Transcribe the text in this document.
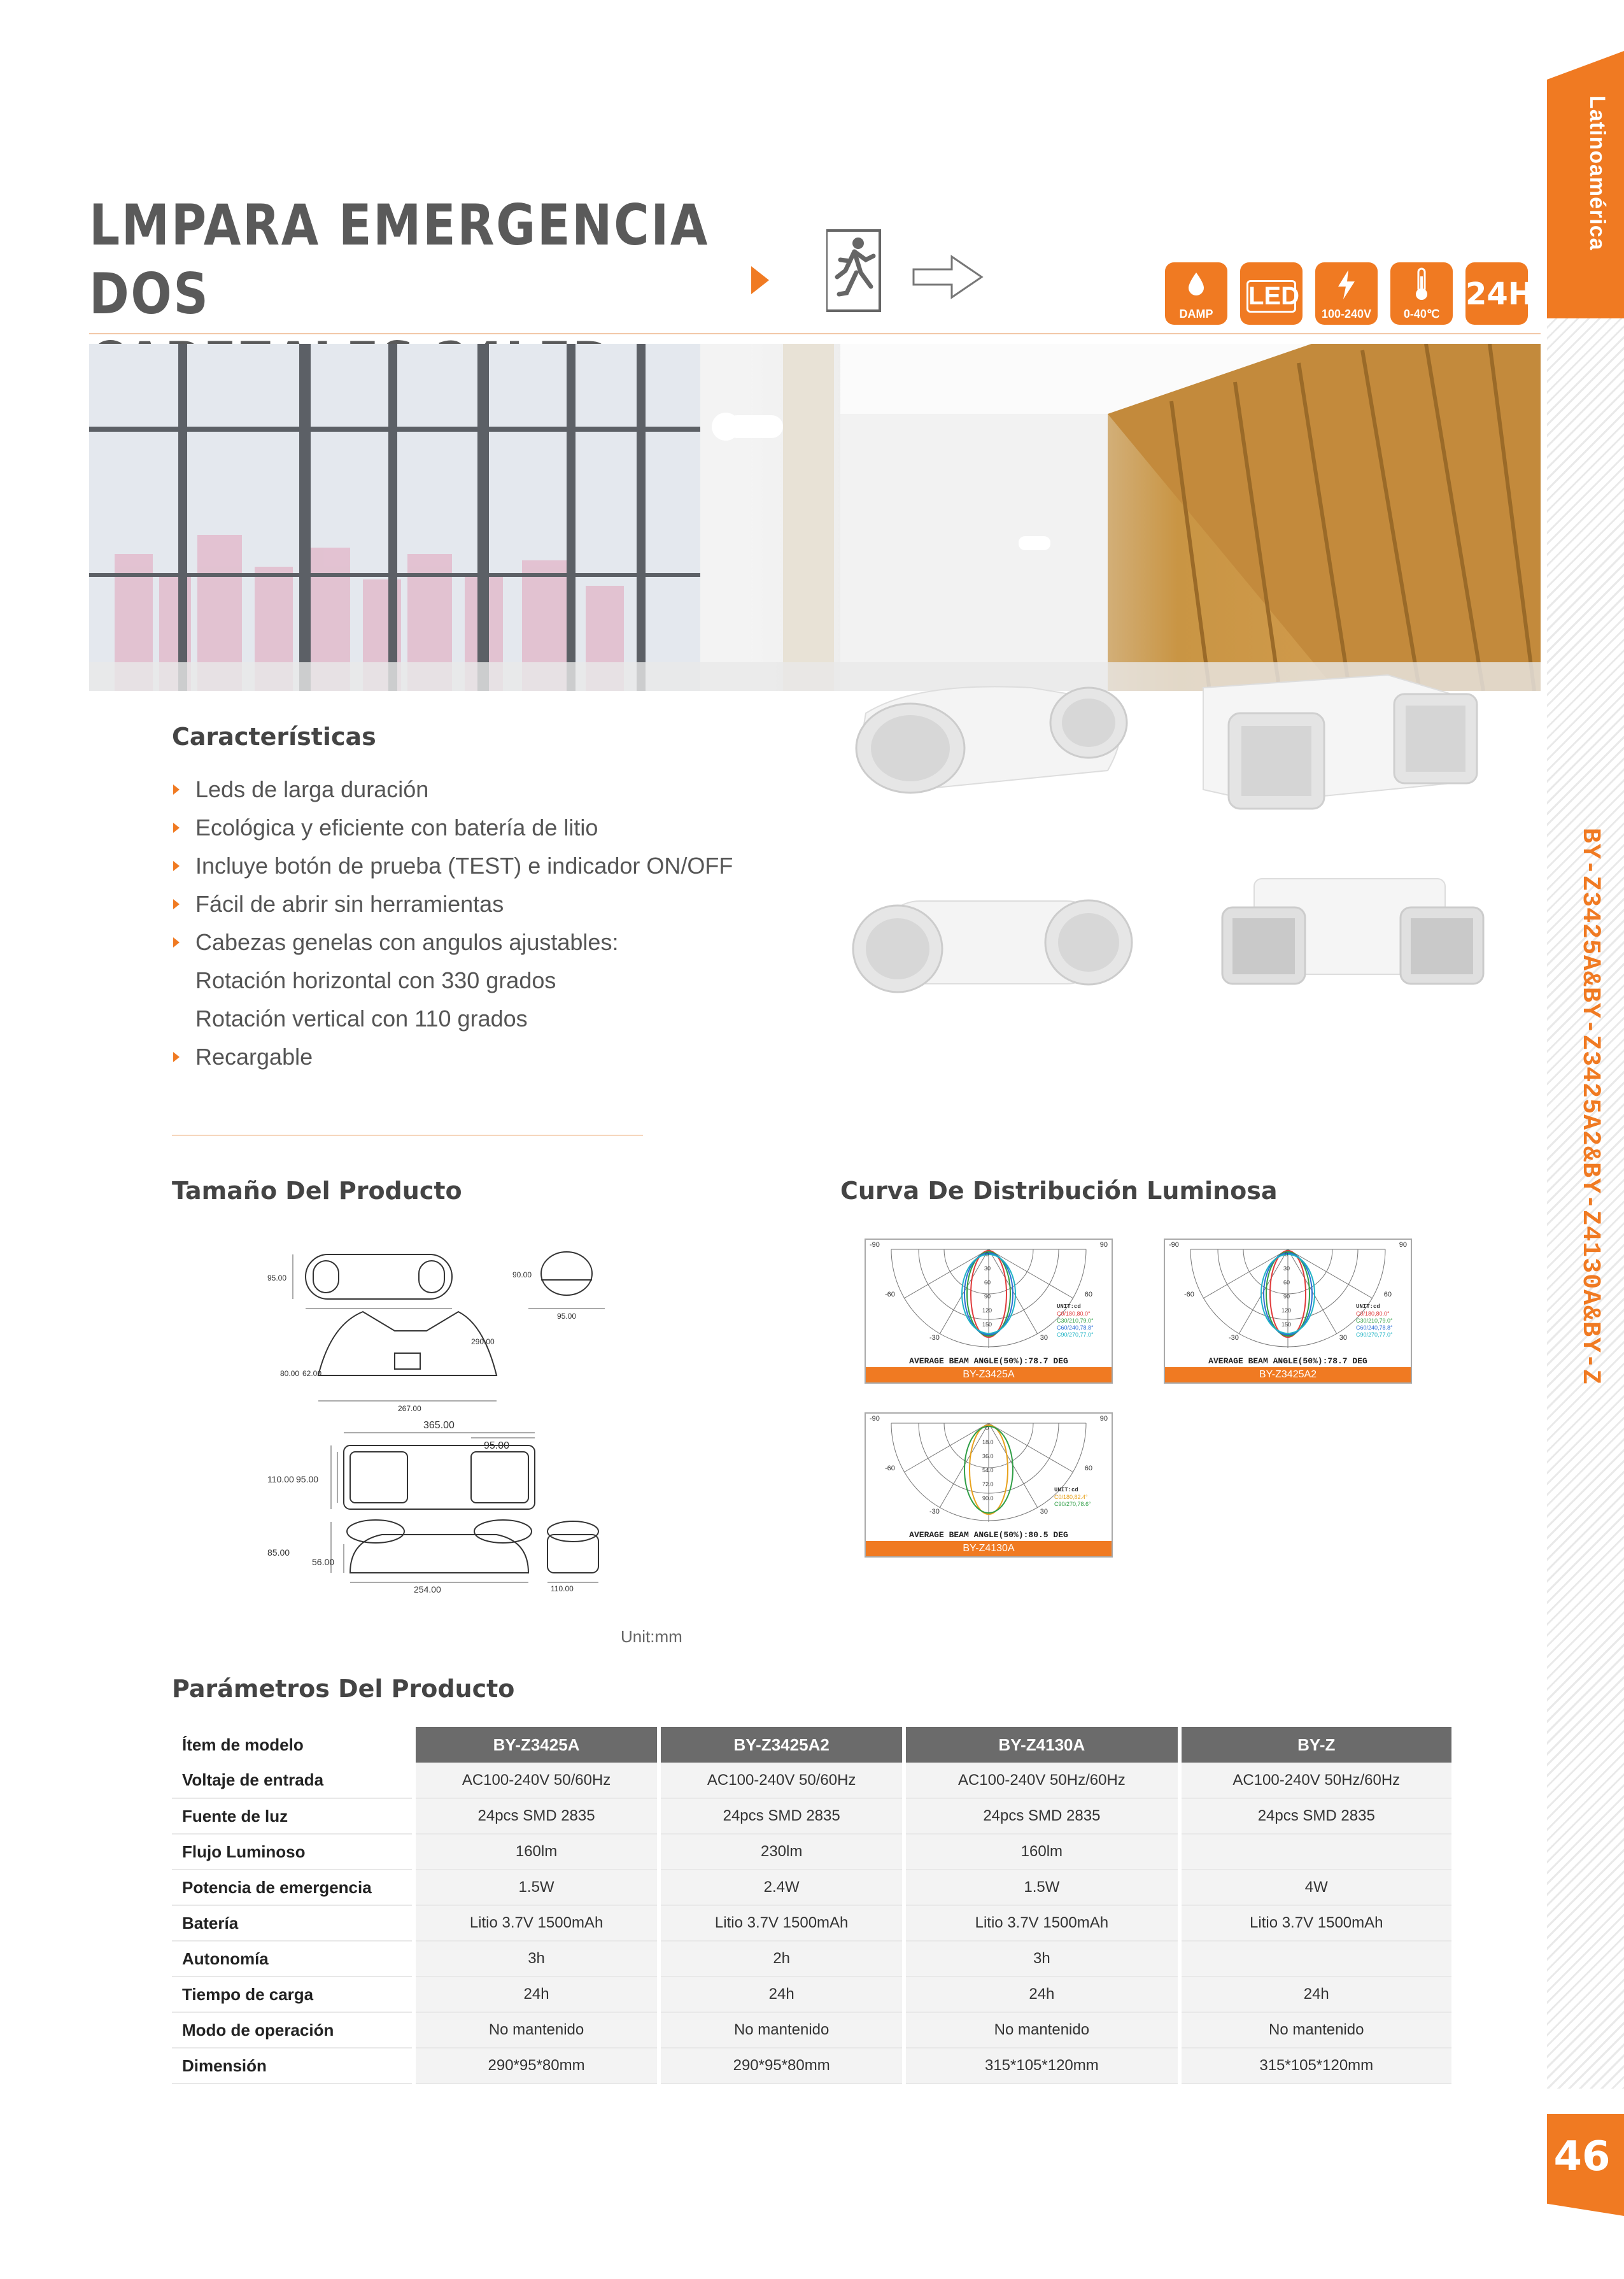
Latinoamérica
BY-Z3425A&BY-Z3425A2&BY-Z4130A&BY-Z
46
LMPARA EMERGENCIA DOS	DAMP
LED
100-240V	0-40℃
24H
Características
Leds de larga duración
Ecológica y eficiente con batería de litio
Incluye botón de prueba (TEST) e indicador ON/OFF
Fácil de abrir sin herramientas
Cabezas genelas con angulos ajustables:
Rotación horizontal con 330 grados
Rotación vertical con 110 grados
Recargable
Tamaño Del Producto
95.00	90.00
95.00
290.00
80.00 62.00
267.00
365.00
95.00
110.00 95.00
85.00
56.00
254.00	110.00
Unit:mm
Curva De Distribución Luminosa
-90	90
-60	60
-30	30
0
30
60
90
120
150
UNIT:cd
C0/180,80.0°
C30/210,79.0°
C60/240,78.8°
C90/270,77.0°
AVERAGE BEAM ANGLE(50%):78.7 DEG
BY-Z3425A
-90	90
-60	60
-30	30
0
30
60
90
120
150
UNIT:cd
C0/180,80.0°
C30/210,79.0°
C60/240,78.8°
C90/270,77.0°
AVERAGE BEAM ANGLE(50%):78.7 DEG
BY-Z3425A2
-90	90
-60	60
-30	30
0
18.0
36.0
54.0
72.0
90.0
UNIT:cd
C0/180,82.4°
C90/270,78.6°
AVERAGE BEAM ANGLE(50%):80.5 DEG
BY-Z4130A
Parámetros Del Producto
Ítem de modelo	BY-Z3425A	BY-Z3425A2	BY-Z4130A	BY-Z
Voltaje de entrada	AC100-240V 50/60Hz	AC100-240V 50/60Hz	AC100-240V 50Hz/60Hz	AC100-240V 50Hz/60Hz
Fuente de luz	24pcs SMD 2835	24pcs SMD 2835	24pcs SMD 2835	24pcs SMD 2835
Flujo Luminoso	160lm	230lm	160lm	
Potencia de emergencia	1.5W	2.4W	1.5W	4W
Batería	Litio 3.7V 1500mAh	Litio 3.7V 1500mAh	Litio 3.7V 1500mAh	Litio 3.7V 1500mAh
Autonomía	3h	2h	3h	
Tiempo de carga	24h	24h	24h	24h
Modo de operación	No mantenido	No mantenido	No mantenido	No mantenido
Dimensión	290*95*80mm	290*95*80mm	315*105*120mm	315*105*120mm
